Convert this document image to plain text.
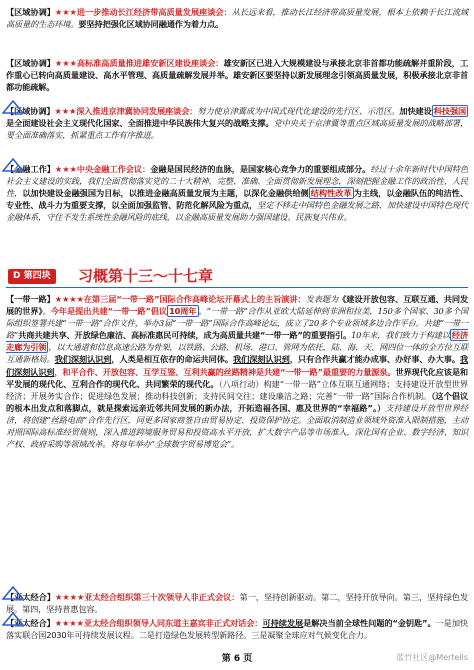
【区域协调】★★★进一步推动长江经济带高质量发展座谈会：从长远来看，推动长江经济带高质量发展，根本上依赖于长江流域高质量的生态环境。要坚持把强化区域协同融通作为着力点。
【区域协调】★★★高标准高质量推进雄安新区建设座谈会：雄安新区已进入大规模建设与承接北京非首都功能疏解并重阶段，工作重心已转向高质量建设、高水平管理、高质量疏解发展并举。雄安新区要坚持以新发展理念引领高质量发展，积极承接北京非首都功能疏解。
【区域协调】★★★深入推进京津冀协同发展座谈会：努力使京津冀成为中国式现代化建设的先行区、示范区。加快建设 科技强国是全面建设社会主义现代化国家、全面推进中华民族伟大复兴的战略支撑。党中央关于京津冀等重点区域高质量发展的战略部署，要全面准确落实，抓紧重点工作有序推进。
【金融工作】★★★中央金融工作会议：金融是国民经济的血脉，是国家核心竞争力的重要组成部分。经过十余年新时代中国特色社会主义建设的实践，我们全面贯彻落实党的二十大精神，完整、准确、全面贯彻新发展理念，深刻把握金融工作的政治性、人民性，以加快建设金融强国为目标，以推进金融高质量发展为主题，以深化金融供给侧 结构性改革 为主线，以金融队伍的纯洁性、专业性、战斗力为重要支撑，以全面加强监管、防范化解风险为重点，坚定不移走中国特色金融发展之路，加快建设中国特色现代金融体系，守住不发生系统性金融风险的底线，以金融高质量发展助力强国建设、民族复兴伟业。
D 第四块	习概第十三～十七章
【一带一路】★★★★在第三届“一带一路”国际合作高峰论坛开幕式上的主旨演讲：发表题为《建设开放包容、互联互通、共同发展的世界》。今年是提出共建“一带一路”倡议 10周年 。“一带一路”合作从亚欧大陆延伸到非洲和拉美，150多个国家、30多个国际组织签署共建“一带一路”合作文件，举办3届“一带一路”国际合作高峰论坛，成立了20多个专业领域多边合作平台。共建“一带一路”共商共建共享、开放绿色廉洁、高标准惠民可持续，成为高质量共建“一带一路”的重要指引。10年来，我们致力于构建以 经济走廊为引领 ，以大通道和信息高速公路为骨架，以铁路、公路、机场、港口、管网为依托，陆、海、天、网四位一体的全方位互联互通新格局。我们深刻认识到，人类是相互依存的命运共同体。我们深刻认识到，只有合作共赢才能办成事、办好事、办大事。我们深刻认识到，和平合作、开放包容、互学互鉴、互利共赢的丝路精神是共建“一带一路”最重要的力量源泉。世界现代化应该是和平发展的现代化、互利合作的现代化、共同繁荣的现代化。（八项行动）构建“一带一路”立体互联互通网络；支持建设开放型世界经济；开展务实合作；促进绿色发展；推动科技创新；支持民间交往；建设廉洁之路；完善“一带一路”国际合作机制。（这个倡议的根本出发点和落脚点，就是探索远亲近邻共同发展的新办法，开拓造福各国、惠及世界的“幸福路”。）支持建设开放型世界经济，将创建“丝路电商”合作先行区，同更多国家商签自由贸易协定、投资保护协定。全面取消制造业领域外资准入限制措施，主动对照国际高标准经贸规则，深入推进跨境服务贸易和投资高水平开放，扩大数字产品等市场准入，深化国有企业、数字经济、知识产权、政府采购等领域改革。将每年举办“全球数字贸易博览会”。
【亚太经合】★★★★亚太经合组织第三十次领导人非正式会议：第一，坚持创新驱动。第二，坚持开放导向。第三，坚持绿色发展。第四，坚持普惠包容。
【亚太经合】★★★★亚太经合组织领导人同东道主嘉宾非正式对话会：可持续发展是解决当前全球性问题的“金钥匙”。一是加快落实联合国2030年可持续发展议程。二是打造绿色发展转型新路径。三是凝聚全球应对气候变化合力。
第 6 页	蓝竹社区@Mertells
